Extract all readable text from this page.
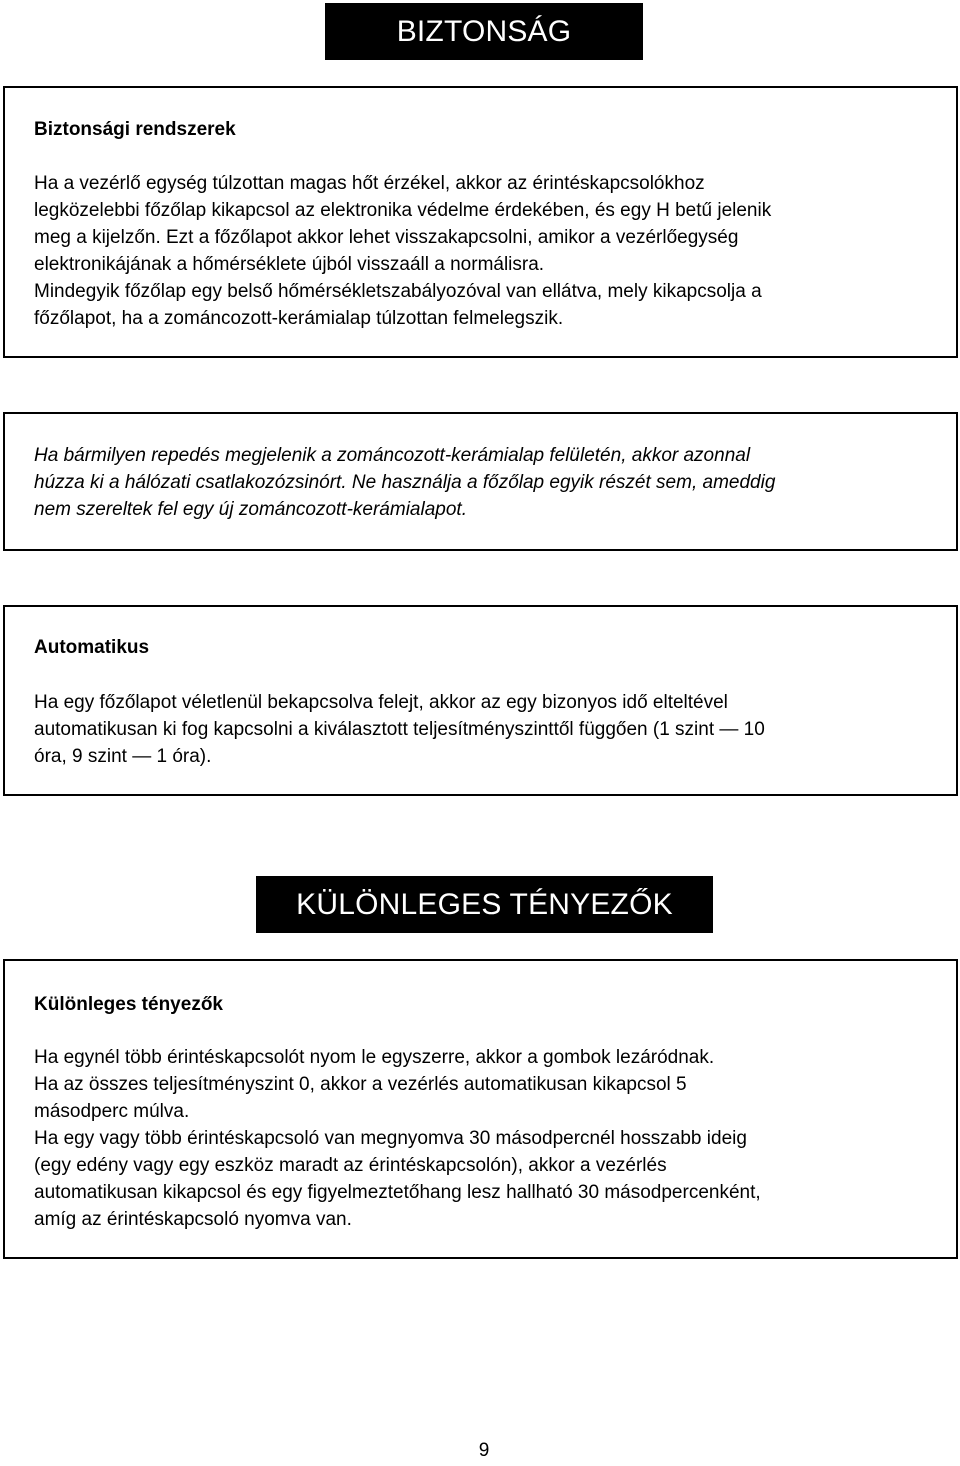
BIZTONSÁG

Biztonsági rendszerek

Ha a vezérlő egység túlzottan magas hőt érzékel, akkor az érintéskapcsolókhoz

legközelebbi főzőlap kikapcsol az elektronika védelme érdekében, és egy H betű jelenik

meg a kijelzőn. Ezt a főzőlapot akkor lehet visszakapcsolni, amikor a vezérlőegység

elektronikájának a hőmérséklete újból visszaáll a normálisra.

Mindegyik főzőlap egy belső hőmérsékletszabályozóval van ellátva, mely kikapcsolja a

főzőlapot, ha a zománcozott-kerámialap túlzottan felmelegszik.

Ha bármilyen repedés megjelenik a zománcozott-kerámialap felületén, akkor azonnal

húzza ki a hálózati csatlakozózsinórt. Ne használja a főzőlap egyik részét sem, ameddig

nem szereltek fel egy új zománcozott-kerámialapot.

Automatikus

Ha egy főzőlapot véletlenül bekapcsolva felejt, akkor az egy bizonyos idő elteltével

automatikusan ki fog kapcsolni a kiválasztott teljesítményszinttől függően (1 szint — 10

óra, 9 szint — 1 óra).

KÜLÖNLEGES TÉNYEZŐK

Különleges tényezők

Ha egynél több érintéskapcsolót nyom le egyszerre, akkor a gombok lezáródnak.

Ha az összes teljesítményszint 0, akkor a vezérlés automatikusan kikapcsol 5

másodperc múlva.

Ha egy vagy több érintéskapcsoló van megnyomva 30 másodpercnél hosszabb ideig

(egy edény vagy egy eszköz maradt az érintéskapcsolón), akkor a vezérlés

automatikusan kikapcsol és egy figyelmeztetőhang lesz hallható 30 másodpercenként,

amíg az érintéskapcsoló nyomva van.

9
